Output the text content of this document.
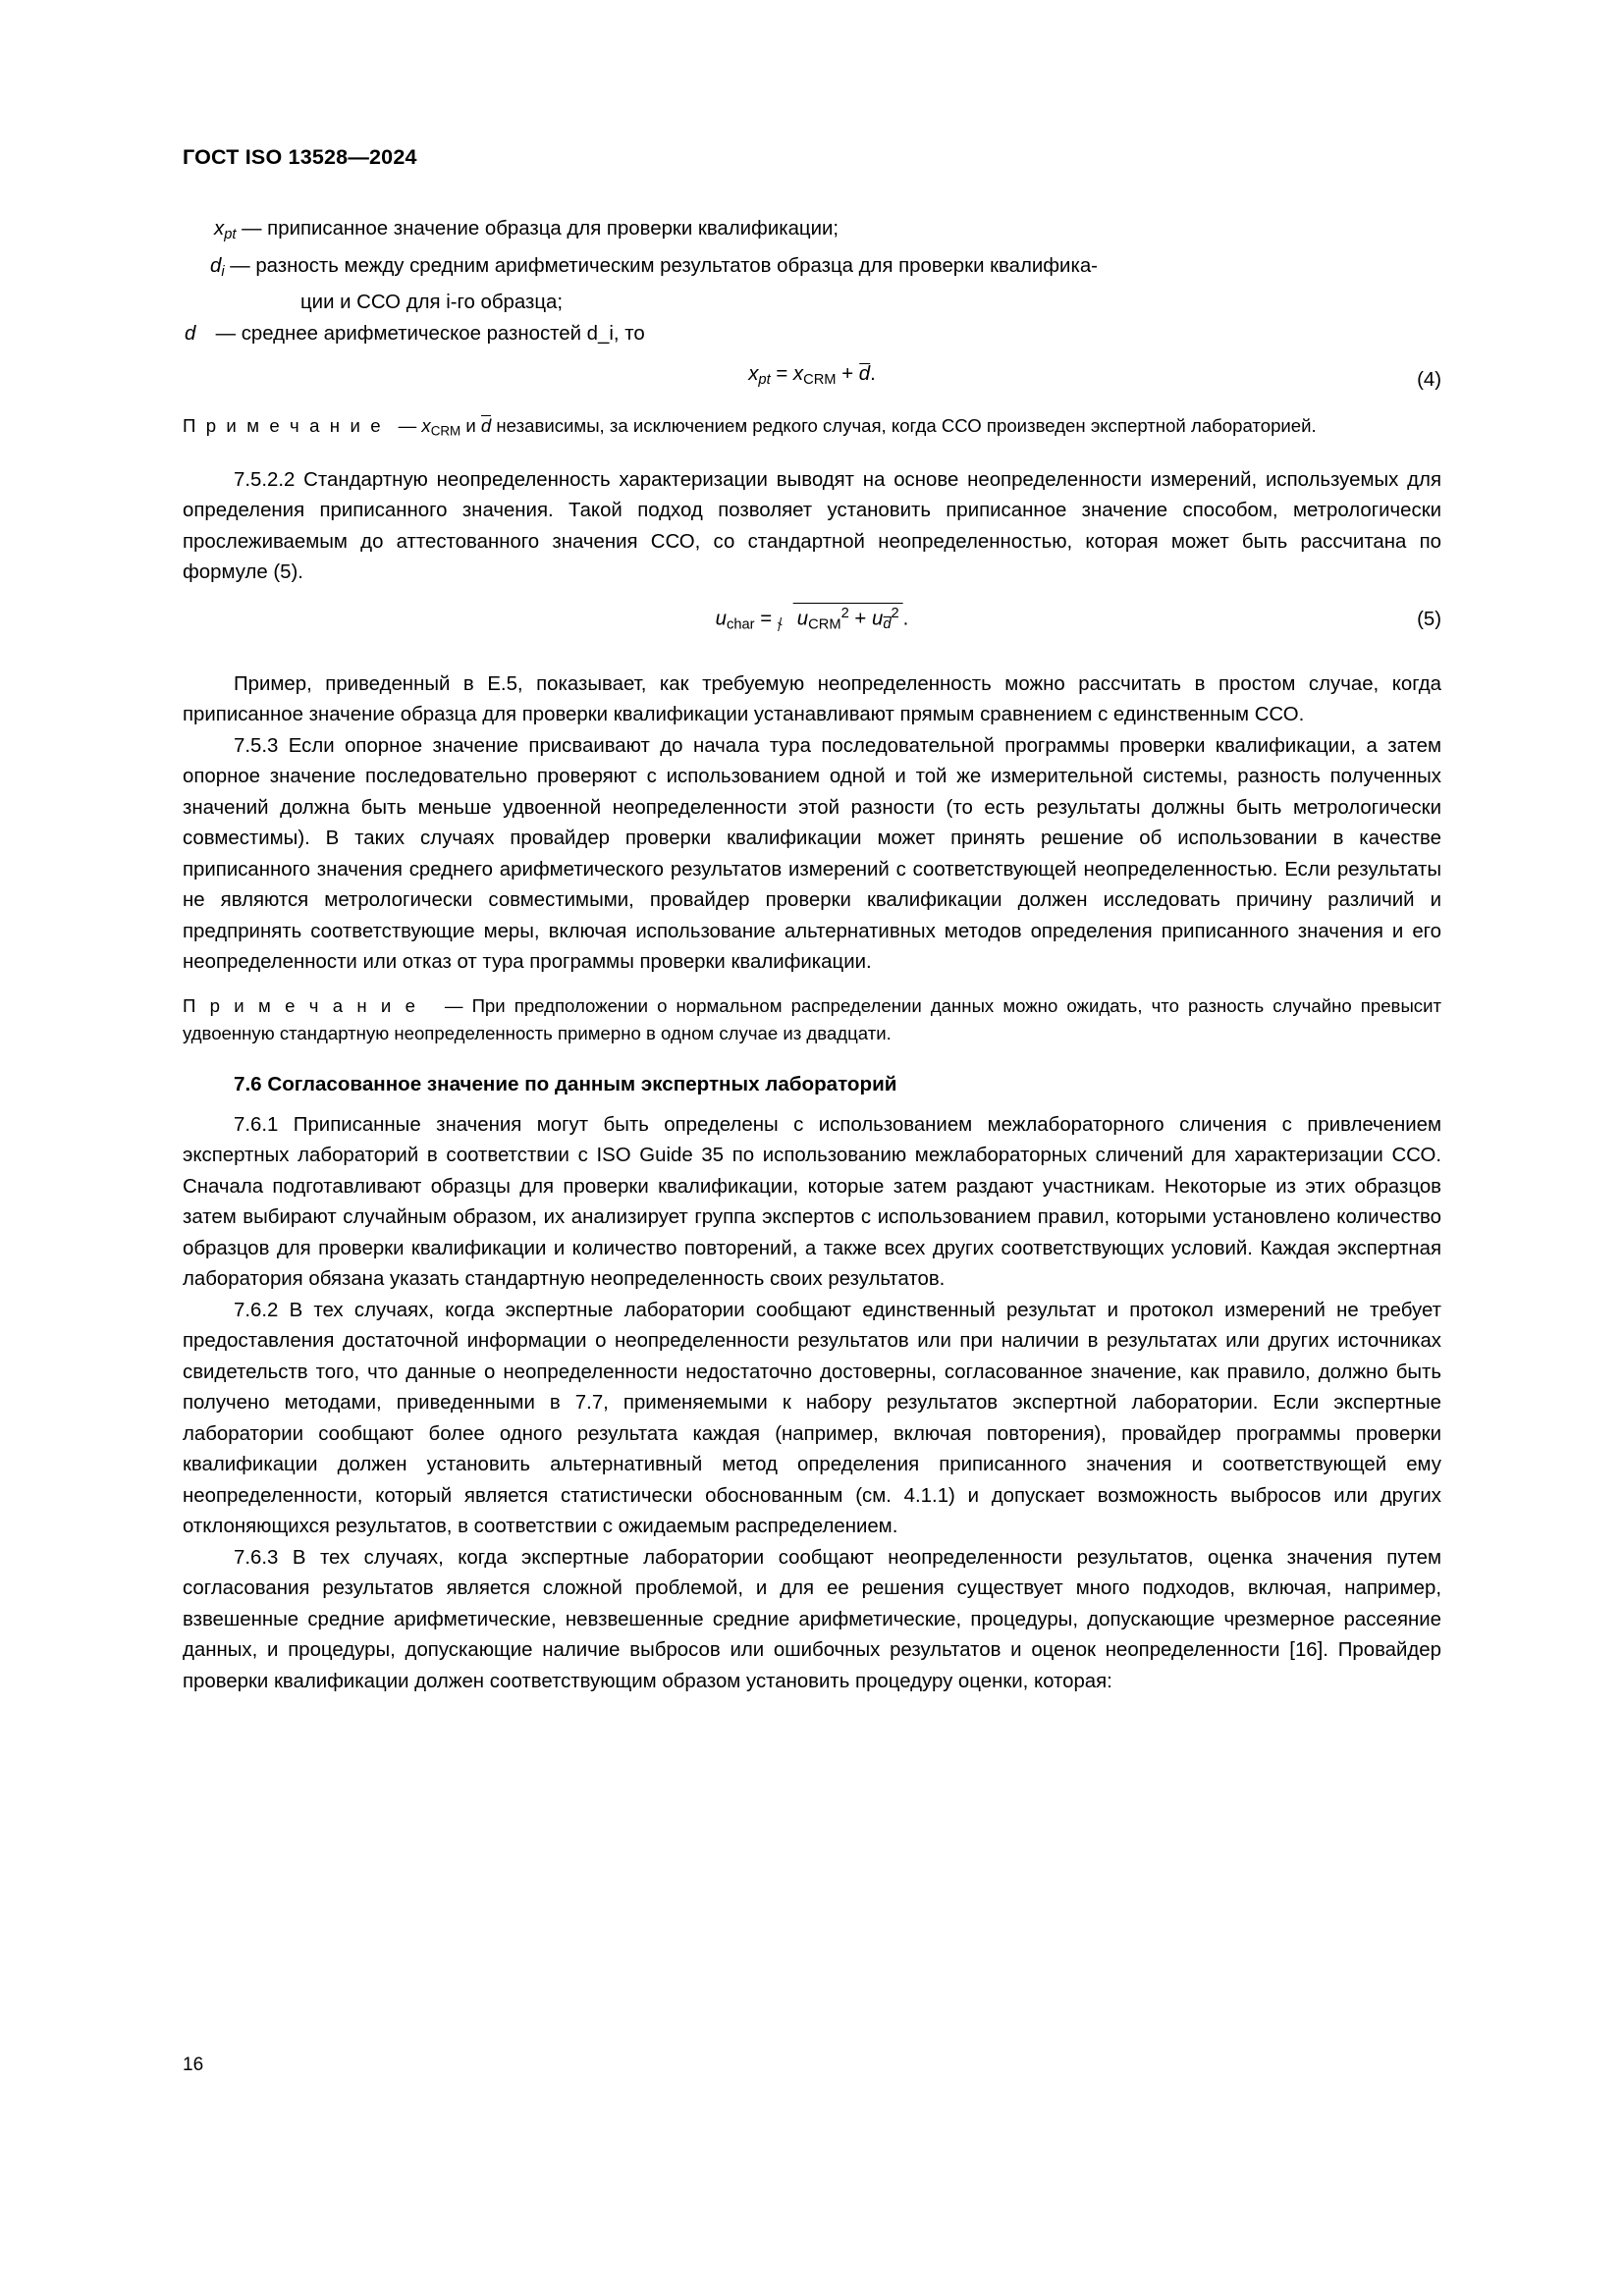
ГОСТ ISO 13528—2024
$x_{pt}$ — приписанное значение образца для проверки квалификации;
$d_i$ — разность между средним арифметическим результатов образца для проверки квалифика-
ции и ССО для i-го образца;
d — среднее арифметическое разностей d_i, то
$x_{pt} = x_{CRM} + d$.	(4)
П р и м е ч а н и е   — $x_{CRM}$ и d независимы, за исключением редкого случая, когда ССО произведен экспертной лабораторией.

7.5.2.2 Стандартную неопределенность характеризации выводят на основе неопределенности измерений, используемых для определения приписанного значения. Такой подход позволяет установить приписанное значение способом, метрологически прослеживаемым до аттестованного значения ССО, со стандартной неопределенностью, которая может быть рассчитана по формуле (5).

$u_{char}$ =
$u_{CRM}^2 + u_d^2$ .	(5)

Пример, приведенный в Е.5, показывает, как требуемую неопределенность можно рассчитать в простом случае, когда приписанное значение образца для проверки квалификации устанавливают прямым сравнением с единственным ССО.

7.5.3 Если опорное значение присваивают до начала тура последовательной программы проверки квалификации, а затем опорное значение последовательно проверяют с использованием одной и той же измерительной системы, разность полученных значений должна быть меньше удвоенной неопределенности этой разности (то есть результаты должны быть метрологически совместимы). В таких случаях провайдер проверки квалификации может принять решение об использовании в качестве приписанного значения среднего арифметического результатов измерений с соответствующей неопределенностью. Если результаты не являются метрологически совместимыми, провайдер проверки квалификации должен исследовать причину различий и предпринять соответствующие меры, включая использование альтернативных методов определения приписанного значения и его неопределенности или отказ от тура программы проверки квалификации.

П р и м е ч а н и е — При предположении о нормальном распределении данных можно ожидать, что разность случайно превысит удвоенную стандартную неопределенность примерно в одном случае из двадцати.
7.6 Согласованное значение по данным экспертных лабораторий

7.6.1 Приписанные значения могут быть определены с использованием межлабораторного сличения с привлечением экспертных лабораторий в соответствии с ISO Guide 35 по использованию межлабораторных сличений для характеризации ССО. Сначала подготавливают образцы для проверки квалификации, которые затем раздают участникам. Некоторые из этих образцов затем выбирают случайным образом, их анализирует группа экспертов с использованием правил, которыми установлено количество образцов для проверки квалификации и количество повторений, а также всех других соответствующих условий. Каждая экспертная лаборатория обязана указать стандартную неопределенность своих результатов.

7.6.2 В тех случаях, когда экспертные лаборатории сообщают единственный результат и протокол измерений не требует предоставления достаточной информации о неопределенности результатов или при наличии в результатах или других источниках свидетельств того, что данные о неопределенности недостаточно достоверны, согласованное значение, как правило, должно быть получено методами, приведенными в 7.7, применяемыми к набору результатов экспертной лаборатории. Если экспертные лаборатории сообщают более одного результата каждая (например, включая повторения), провайдер программы проверки квалификации должен установить альтернативный метод определения приписанного значения и соответствующей ему неопределенности, который является статистически обоснованным (см. 4.1.1) и допускает возможность выбросов или других отклоняющихся результатов, в соответствии с ожидаемым распределением.

7.6.3 В тех случаях, когда экспертные лаборатории сообщают неопределенности результатов, оценка значения путем согласования результатов является сложной проблемой, и для ее решения существует много подходов, включая, например, взвешенные средние арифметические, невзвешенные средние арифметические, процедуры, допускающие чрезмерное рассеяние данных, и процедуры, допускающие наличие выбросов или ошибочных результатов и оценок неопределенности [16]. Провайдер проверки квалификации должен соответствующим образом установить процедуру оценки, которая:

16
